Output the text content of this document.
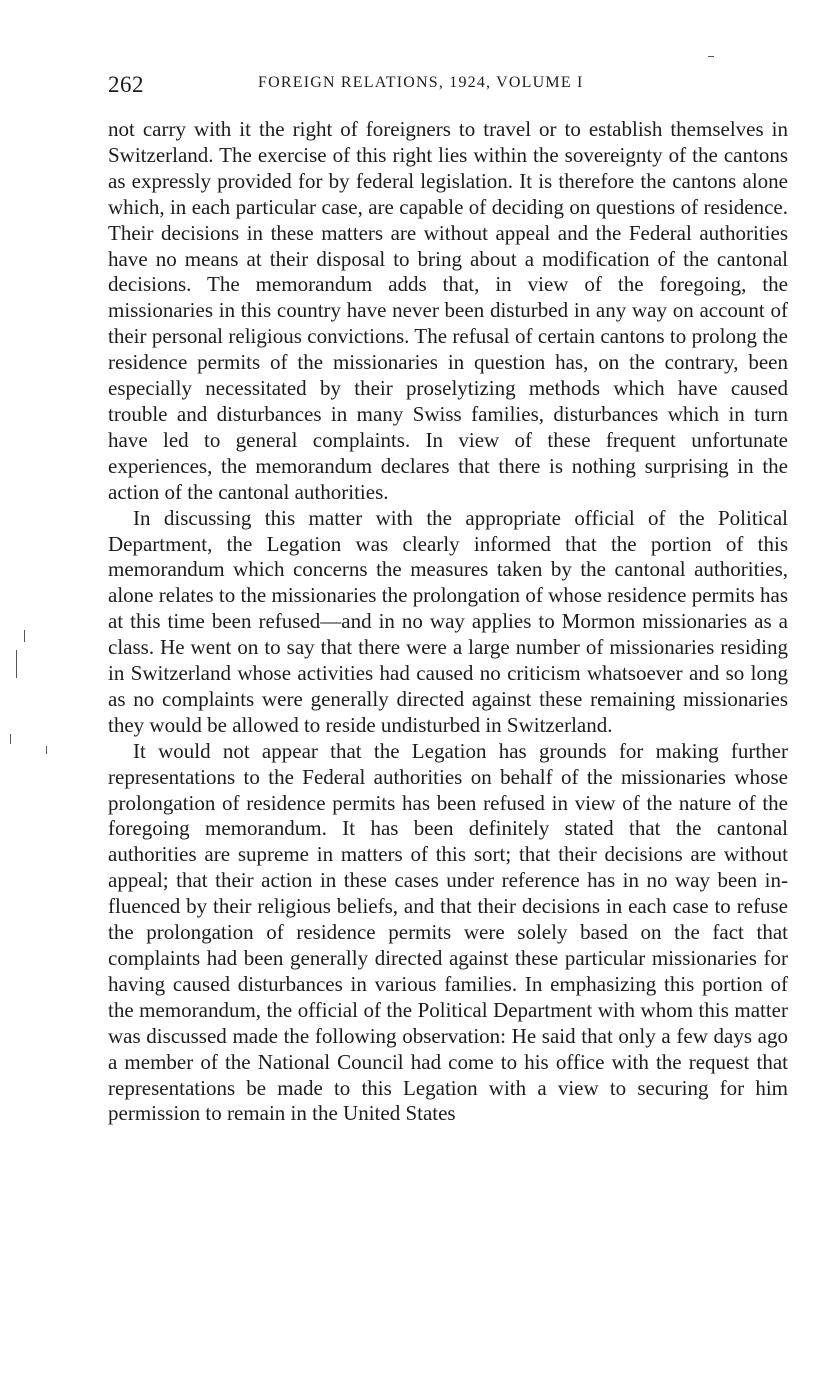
262	FOREIGN RELATIONS, 1924, VOLUME I

not carry with it the right of foreigners to travel or to establish themselves in Switzerland. The exercise of this right lies within the sovereignty of the cantons as expressly provided for by federal legislation. It is therefore the cantons alone which, in each particular case, are capable of deciding on questions of residence. Their decisions in these matters are without appeal and the Federal authorities have no means at their disposal to bring about a modification of the cantonal decisions. The memorandum adds that, in view of the foregoing, the missionaries in this country have never been disturbed in any way on account of their personal religious convictions. The refusal of certain cantons to prolong the residence permits of the missionaries in question has, on the contrary, been especially necessitated by their proselytizing methods which have caused trouble and disturbances in many Swiss families, disturbances which in turn have led to general complaints. In view of these frequent unfortunate experiences, the memorandum declares that there is nothing surprising in the action of the cantonal authorities.

In discussing this matter with the appropriate official of the Political Department, the Legation was clearly informed that the portion of this memorandum which concerns the measures taken by the cantonal authorities, alone relates to the missionaries the prolongation of whose residence permits has at this time been refused—and in no way applies to Mormon missionaries as a class. He went on to say that there were a large number of missionaries residing in Switzerland whose activities had caused no criticism whatsoever and so long as no complaints were generally directed against these remaining missionaries they would be allowed to reside undisturbed in Switzerland.

It would not appear that the Legation has grounds for making further representations to the Federal authorities on behalf of the missionaries whose prolongation of residence permits has been refused in view of the nature of the foregoing memorandum. It has been definitely stated that the cantonal authorities are supreme in matters of this sort; that their decisions are without appeal; that their action in these cases under reference has in no way been influenced by their religious beliefs, and that their decisions in each case to refuse the prolongation of residence permits were solely based on the fact that complaints had been generally directed against these particular missionaries for having caused disturbances in various families. In emphasizing this portion of the memorandum, the official of the Political Department with whom this matter was discussed made the following observation: He said that only a few days ago a member of the National Council had come to his office with the request that representations be made to this Legation with a view to securing for him permission to remain in the United States
